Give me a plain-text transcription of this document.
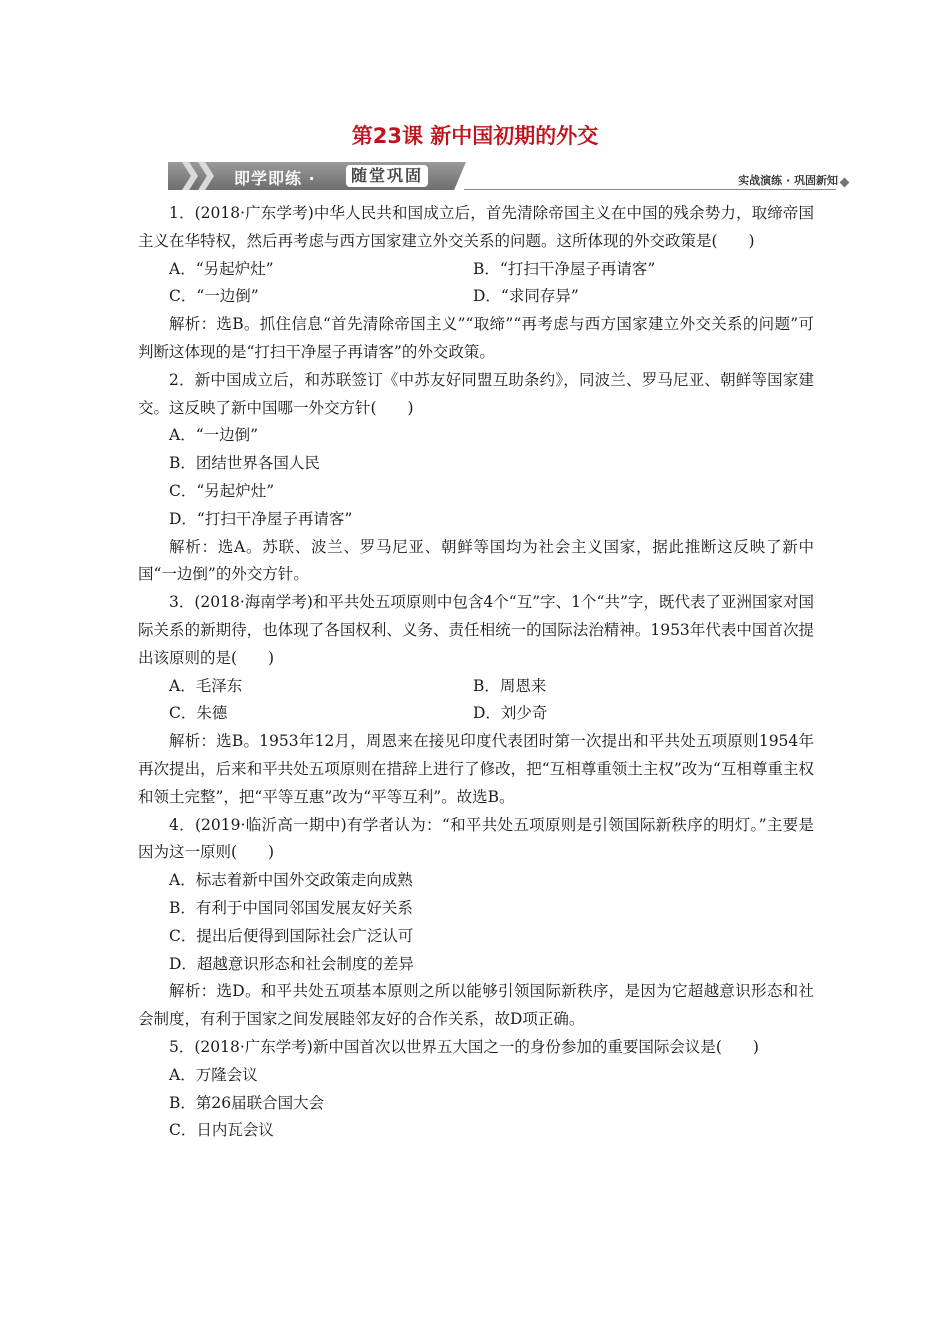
第23课 新中国初期的外交
即学即练 ·	随堂巩固	实战演练 · 巩固新知

1．(2018·广东学考)中华人民共和国成立后，首先清除帝国主义在中国的残余势力，取缔帝国主义在华特权，然后再考虑与西方国家建立外交关系的问题。这所体现的外交政策是(　　)

A．“另起炉灶”	B．“打扫干净屋子再请客”
C．“一边倒”	D．“求同存异”

解析：选B。抓住信息“首先清除帝国主义”“取缔”“再考虑与西方国家建立外交关系的问题”可判断这体现的是“打扫干净屋子再请客”的外交政策。

2．新中国成立后，和苏联签订《中苏友好同盟互助条约》，同波兰、罗马尼亚、朝鲜等国家建交。这反映了新中国哪一外交方针(　　)

A．“一边倒”

B．团结世界各国人民

C．“另起炉灶”

D．“打扫干净屋子再请客”

解析：选A。苏联、波兰、罗马尼亚、朝鲜等国均为社会主义国家，据此推断这反映了新中国“一边倒”的外交方针。

3．(2018·海南学考)和平共处五项原则中包含4个“互”字、1个“共”字，既代表了亚洲国家对国际关系的新期待，也体现了各国权利、义务、责任相统一的国际法治精神。1953年代表中国首次提出该原则的是(　　)

A．毛泽东	B．周恩来
C．朱德	D．刘少奇

解析：选B。1953年12月，周恩来在接见印度代表团时第一次提出和平共处五项原则1954年再次提出，后来和平共处五项原则在措辞上进行了修改，把“互相尊重领土主权”改为“互相尊重主权和领土完整”，把“平等互惠”改为“平等互利”。故选B。

4．(2019·临沂高一期中)有学者认为：“和平共处五项原则是引领国际新秩序的明灯。”主要是因为这一原则(　　)

A．标志着新中国外交政策走向成熟

B．有利于中国同邻国发展友好关系

C．提出后便得到国际社会广泛认可

D．超越意识形态和社会制度的差异

解析：选D。和平共处五项基本原则之所以能够引领国际新秩序，是因为它超越意识形态和社会制度，有利于国家之间发展睦邻友好的合作关系，故D项正确。

5．(2018·广东学考)新中国首次以世界五大国之一的身份参加的重要国际会议是(　　)

A．万隆会议

B．第26届联合国大会

C．日内瓦会议
